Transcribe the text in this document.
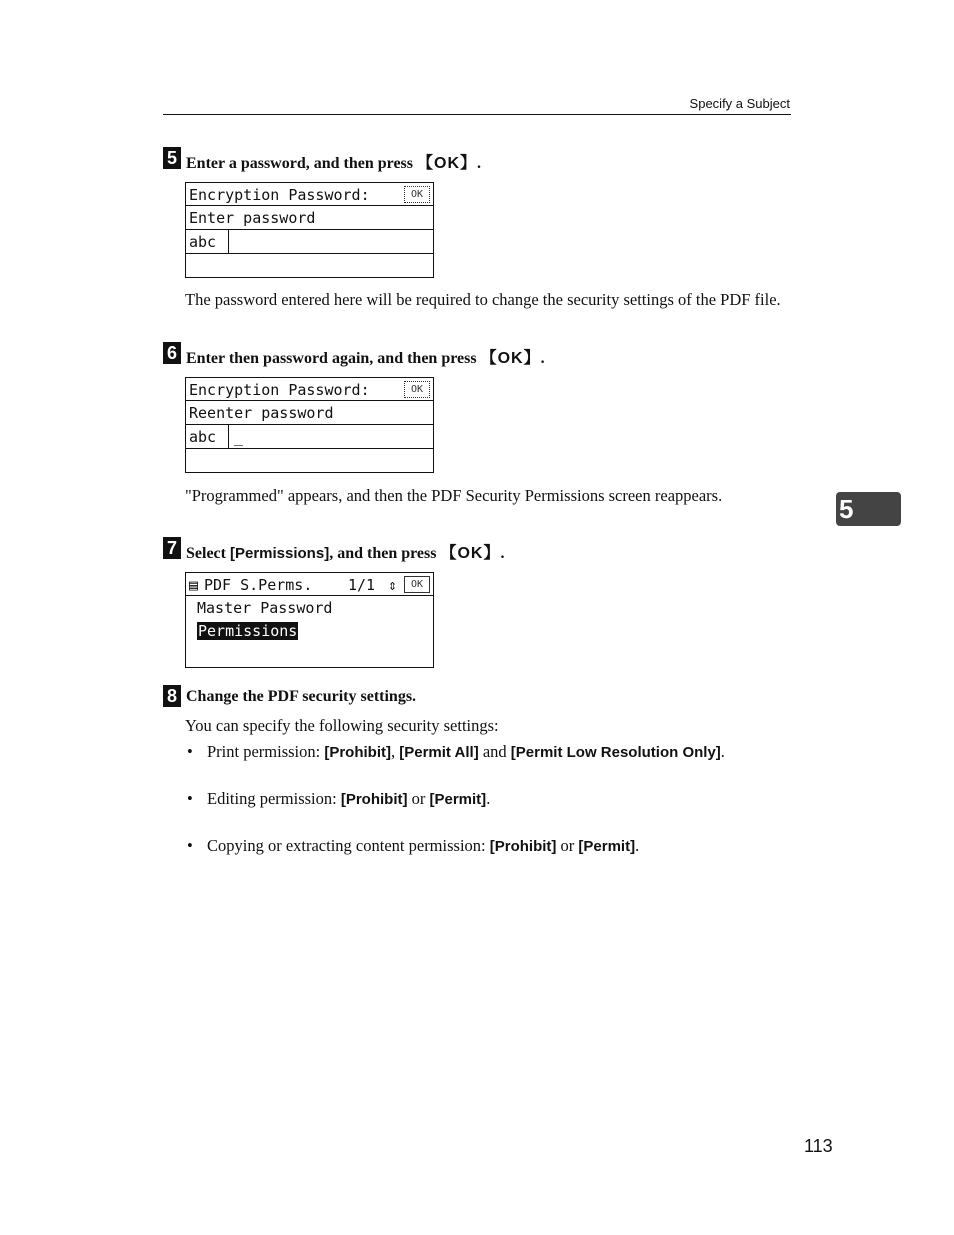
Specify a Subject
5 Enter a password, and then press 【OK】.
Encryption Password:	OK
Enter password
abc
The password entered here will be required to change the security settings of the PDF file.
6 Enter then password again, and then press 【OK】.
Encryption Password:	OK
Reenter password
abc _
"Programmed" appears, and then the PDF Security Permissions screen reappears.
7 Select [Permissions], and then press 【OK】.
▤ PDF S.Perms. 1/1 ⇕	OK
Master Password
Permissions
8 Change the PDF security settings.
You can specify the following security settings:
• Print permission: [Prohibit], [Permit All] and [Permit Low Resolution Only].
• Editing permission: [Prohibit] or [Permit].
• Copying or extracting content permission: [Prohibit] or [Permit].
5
113
